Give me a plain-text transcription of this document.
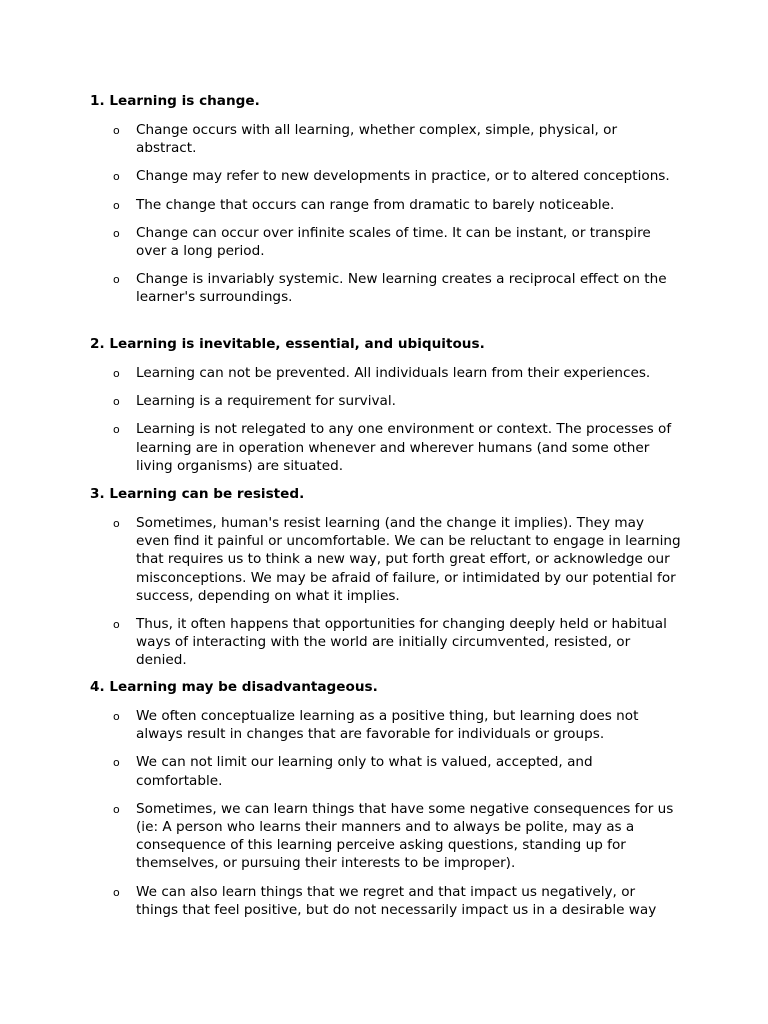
1. Learning is change.

o Change occurs with all learning, whether complex, simple, physical, or abstract.
o Change may refer to new developments in practice, or to altered conceptions.
o The change that occurs can range from dramatic to barely noticeable.
o Change can occur over infinite scales of time. It can be instant, or transpire over a long period.
o Change is invariably systemic. New learning creates a reciprocal effect on the learner's surroundings.

2. Learning is inevitable, essential, and ubiquitous.

o Learning can not be prevented. All individuals learn from their experiences.
o Learning is a requirement for survival.
o Learning is not relegated to any one environment or context. The processes of learning are in operation whenever and wherever humans (and some other living organisms) are situated.

3. Learning can be resisted.

o Sometimes, human's resist learning (and the change it implies). They may even find it painful or uncomfortable. We can be reluctant to engage in learning that requires us to think a new way, put forth great effort, or acknowledge our misconceptions. We may be afraid of failure, or intimidated by our potential for success, depending on what it implies.
o Thus, it often happens that opportunities for changing deeply held or habitual ways of interacting with the world are initially circumvented, resisted, or denied.

4. Learning may be disadvantageous.

o We often conceptualize learning as a positive thing, but learning does not always result in changes that are favorable for individuals or groups.
o We can not limit our learning only to what is valued, accepted, and comfortable.
o Sometimes, we can learn things that have some negative consequences for us (ie: A person who learns their manners and to always be polite, may as a consequence of this learning perceive asking questions, standing up for themselves, or pursuing their interests to be improper).
o We can also learn things that we regret and that impact us negatively, or things that feel positive, but do not necessarily impact us in a desirable way
